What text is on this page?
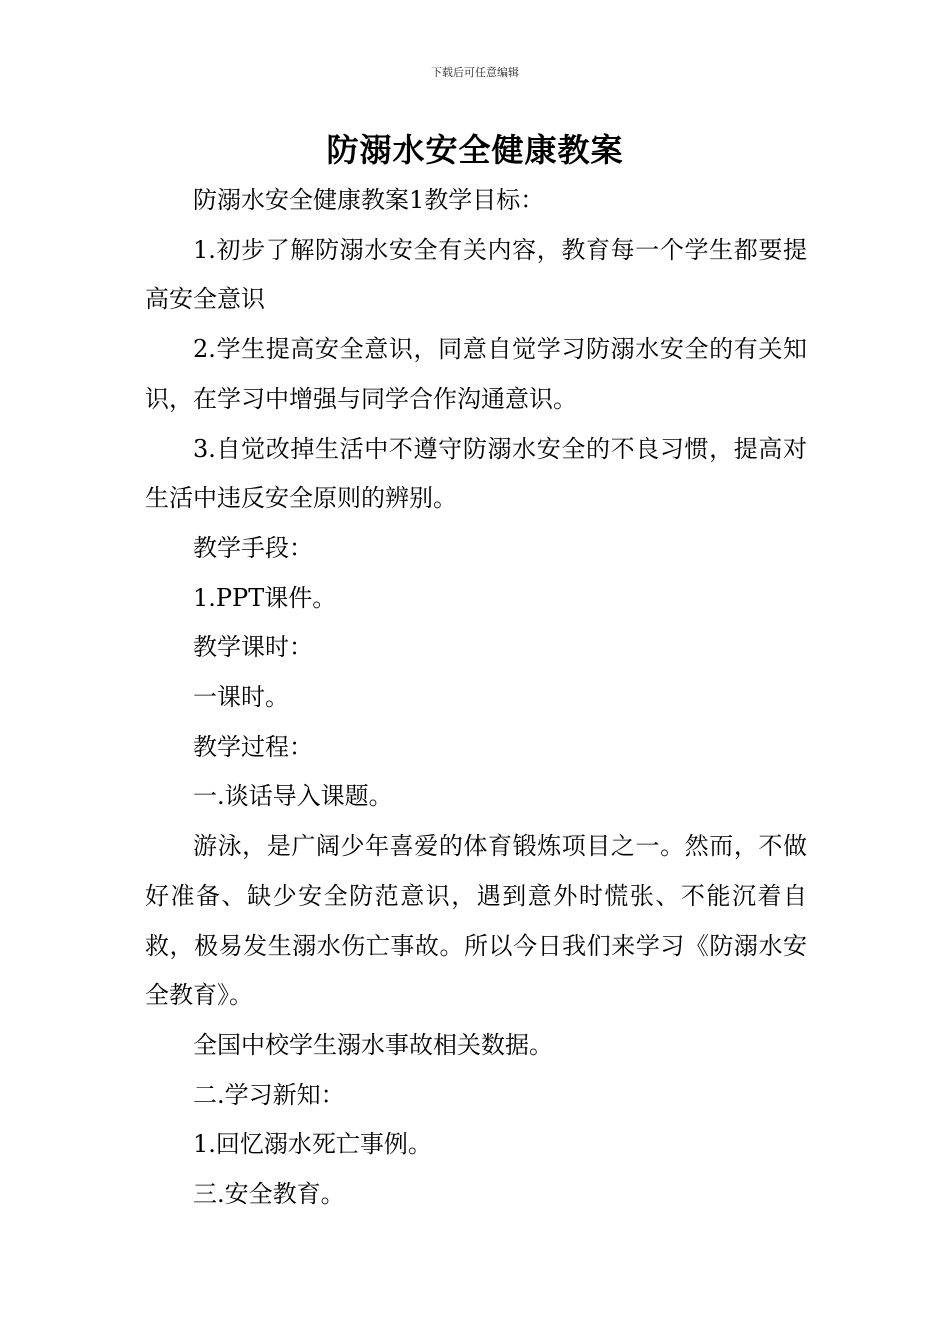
下载后可任意编辑
防溺水安全健康教案

防溺水安全健康教案1教学目标：

1.初步了解防溺水安全有关内容，教育每一个学生都要提高安全意识

2.学生提高安全意识，同意自觉学习防溺水安全的有关知识，在学习中增强与同学合作沟通意识。

3.自觉改掉生活中不遵守防溺水安全的不良习惯，提高对生活中违反安全原则的辨别。

教学手段：

1.PPT课件。

教学课时：

一课时。

教学过程：

一.谈话导入课题。

游泳，是广阔少年喜爱的体育锻炼项目之一。然而，不做好准备、缺少安全防范意识，遇到意外时慌张、不能沉着自救，极易发生溺水伤亡事故。所以今日我们来学习《防溺水安全教育》。

全国中校学生溺水事故相关数据。

二.学习新知：

1.回忆溺水死亡事例。

三.安全教育。
